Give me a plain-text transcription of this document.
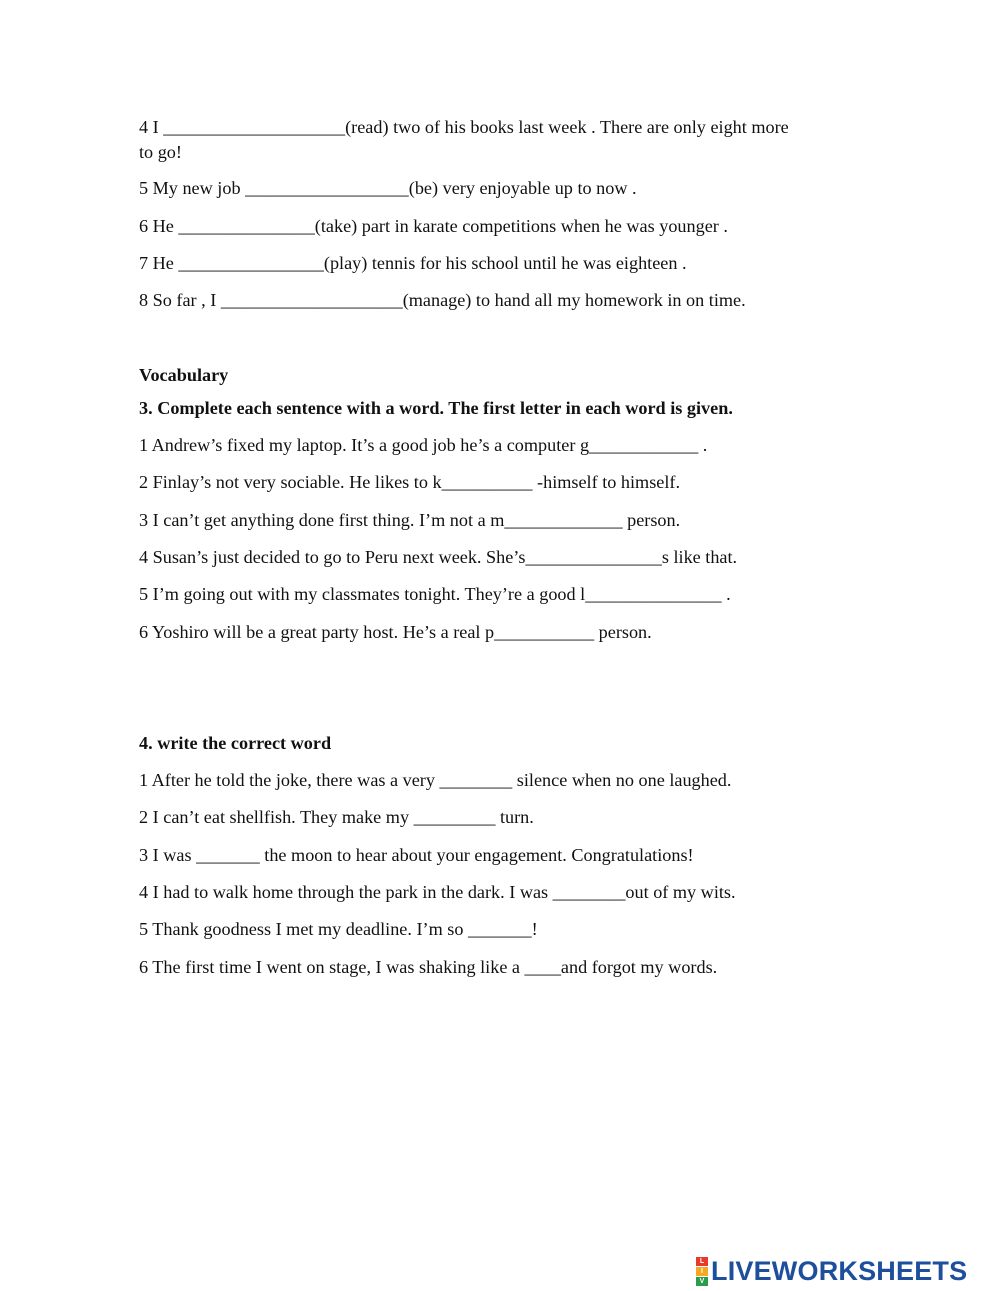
4 I ____________________(read) two of his books last week . There are only eight more
to go!
5 My new job __________________(be) very enjoyable up to now .
6 He _______________(take) part in karate competitions when he was younger .
7 He ________________(play) tennis for his school until he was eighteen .
8 So far , I ____________________(manage) to hand all my homework in on time.
Vocabulary
3. Complete each sentence with a word. The first letter in each word is given.
1 Andrew’s fixed my laptop. It’s a good job he’s a computer g____________ .
2 Finlay’s not very sociable. He likes to k__________ -himself to himself.
3 I can’t get anything done first thing. I’m not a m_____________ person.
4 Susan’s just decided to go to Peru next week. She’s_______________s like that.
5 I’m going out with my classmates tonight. They’re a good l_______________ .
6 Yoshiro will be a great party host. He’s a real p___________ person.
4. write the correct word
1 After he told the joke, there was a very ________ silence when no one laughed.
2 I can’t eat shellfish. They make my _________ turn.
3 I was _______ the moon to hear about your engagement. Congratulations!
4 I had to walk home through the park in the dark. I was ________out of my wits.
5 Thank goodness I met my deadline. I’m so _______!
6 The first time I went on stage, I was shaking like a ____and forgot my words.
L
I
V LIVEWORKSHEETS
